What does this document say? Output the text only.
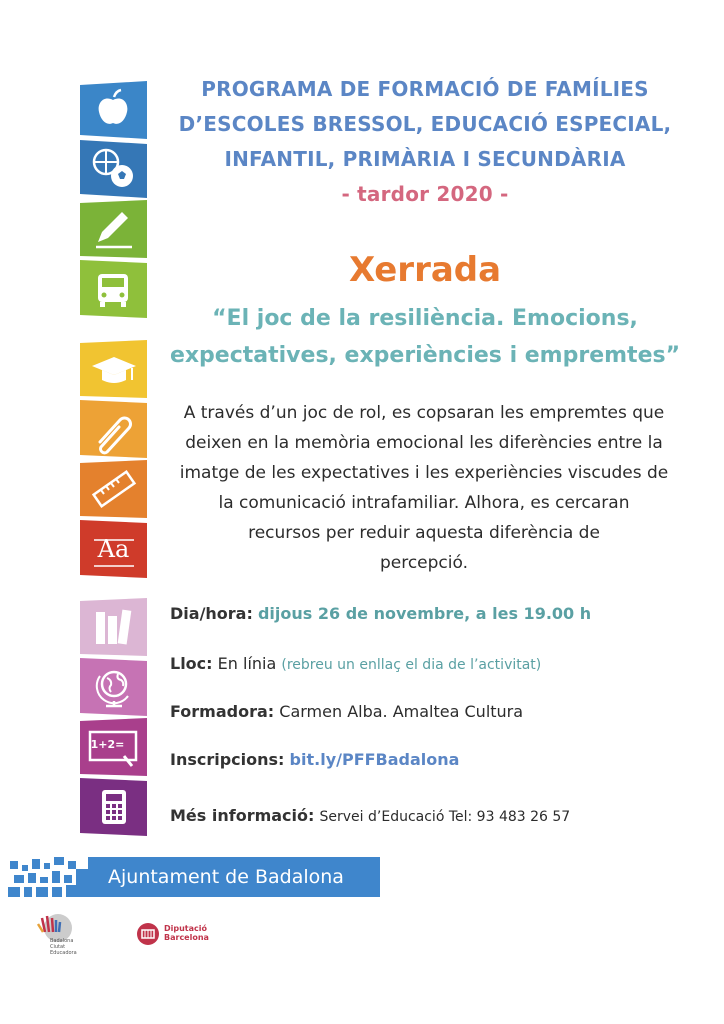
Aa
1+2=
PROGRAMA DE FORMACIÓ DE FAMÍLIES
D’ESCOLES BRESSOL, EDUCACIÓ ESPECIAL,
INFANTIL, PRIMÀRIA I SECUNDÀRIA
- tardor 2020 -
Xerrada
“El joc de la resiliència. Emocions,
expectatives, experiències i empremtes”
A través d’un joc de rol, es copsaran les empremtes que
deixen en la memòria emocional les diferències entre la
imatge de les expectatives i les experiències viscudes de
la comunicació intrafamiliar. Alhora, es cercaran
recursos per reduir aquesta diferència de
percepció.
Dia/hora: dijous 26 de novembre, a les 19.00 h
Lloc: En línia (rebreu un enllaç el dia de l’activitat)
Formadora: Carmen Alba. Amaltea Cultura
Inscripcions: bit.ly/PFFBadalona
Més informació: Servei d’Educació Tel: 93 483 26 57
Ajuntament de Badalona
Badalona
Ciutat Educadora
Diputació
Barcelona
